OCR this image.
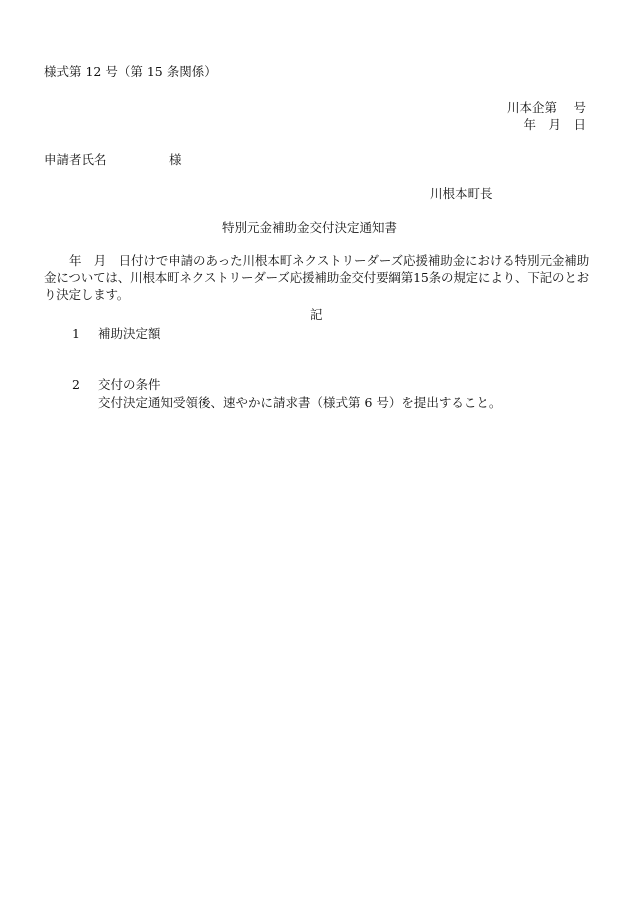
様式第 12 号（第 15 条関係）
川本企第　 号
年　月　日
申請者氏名　　　　　様
川根本町長
特別元金補助金交付決定通知書
年　月　日付けで申請のあった川根本町ネクストリーダーズ応援補助金における特別元金補助金については、川根本町ネクストリーダーズ応援補助金交付要綱第15条の規定により、下記のとおり決定します。
記
1 補助決定額
2 交付の条件
交付決定通知受領後、速やかに請求書（様式第 6 号）を提出すること。
